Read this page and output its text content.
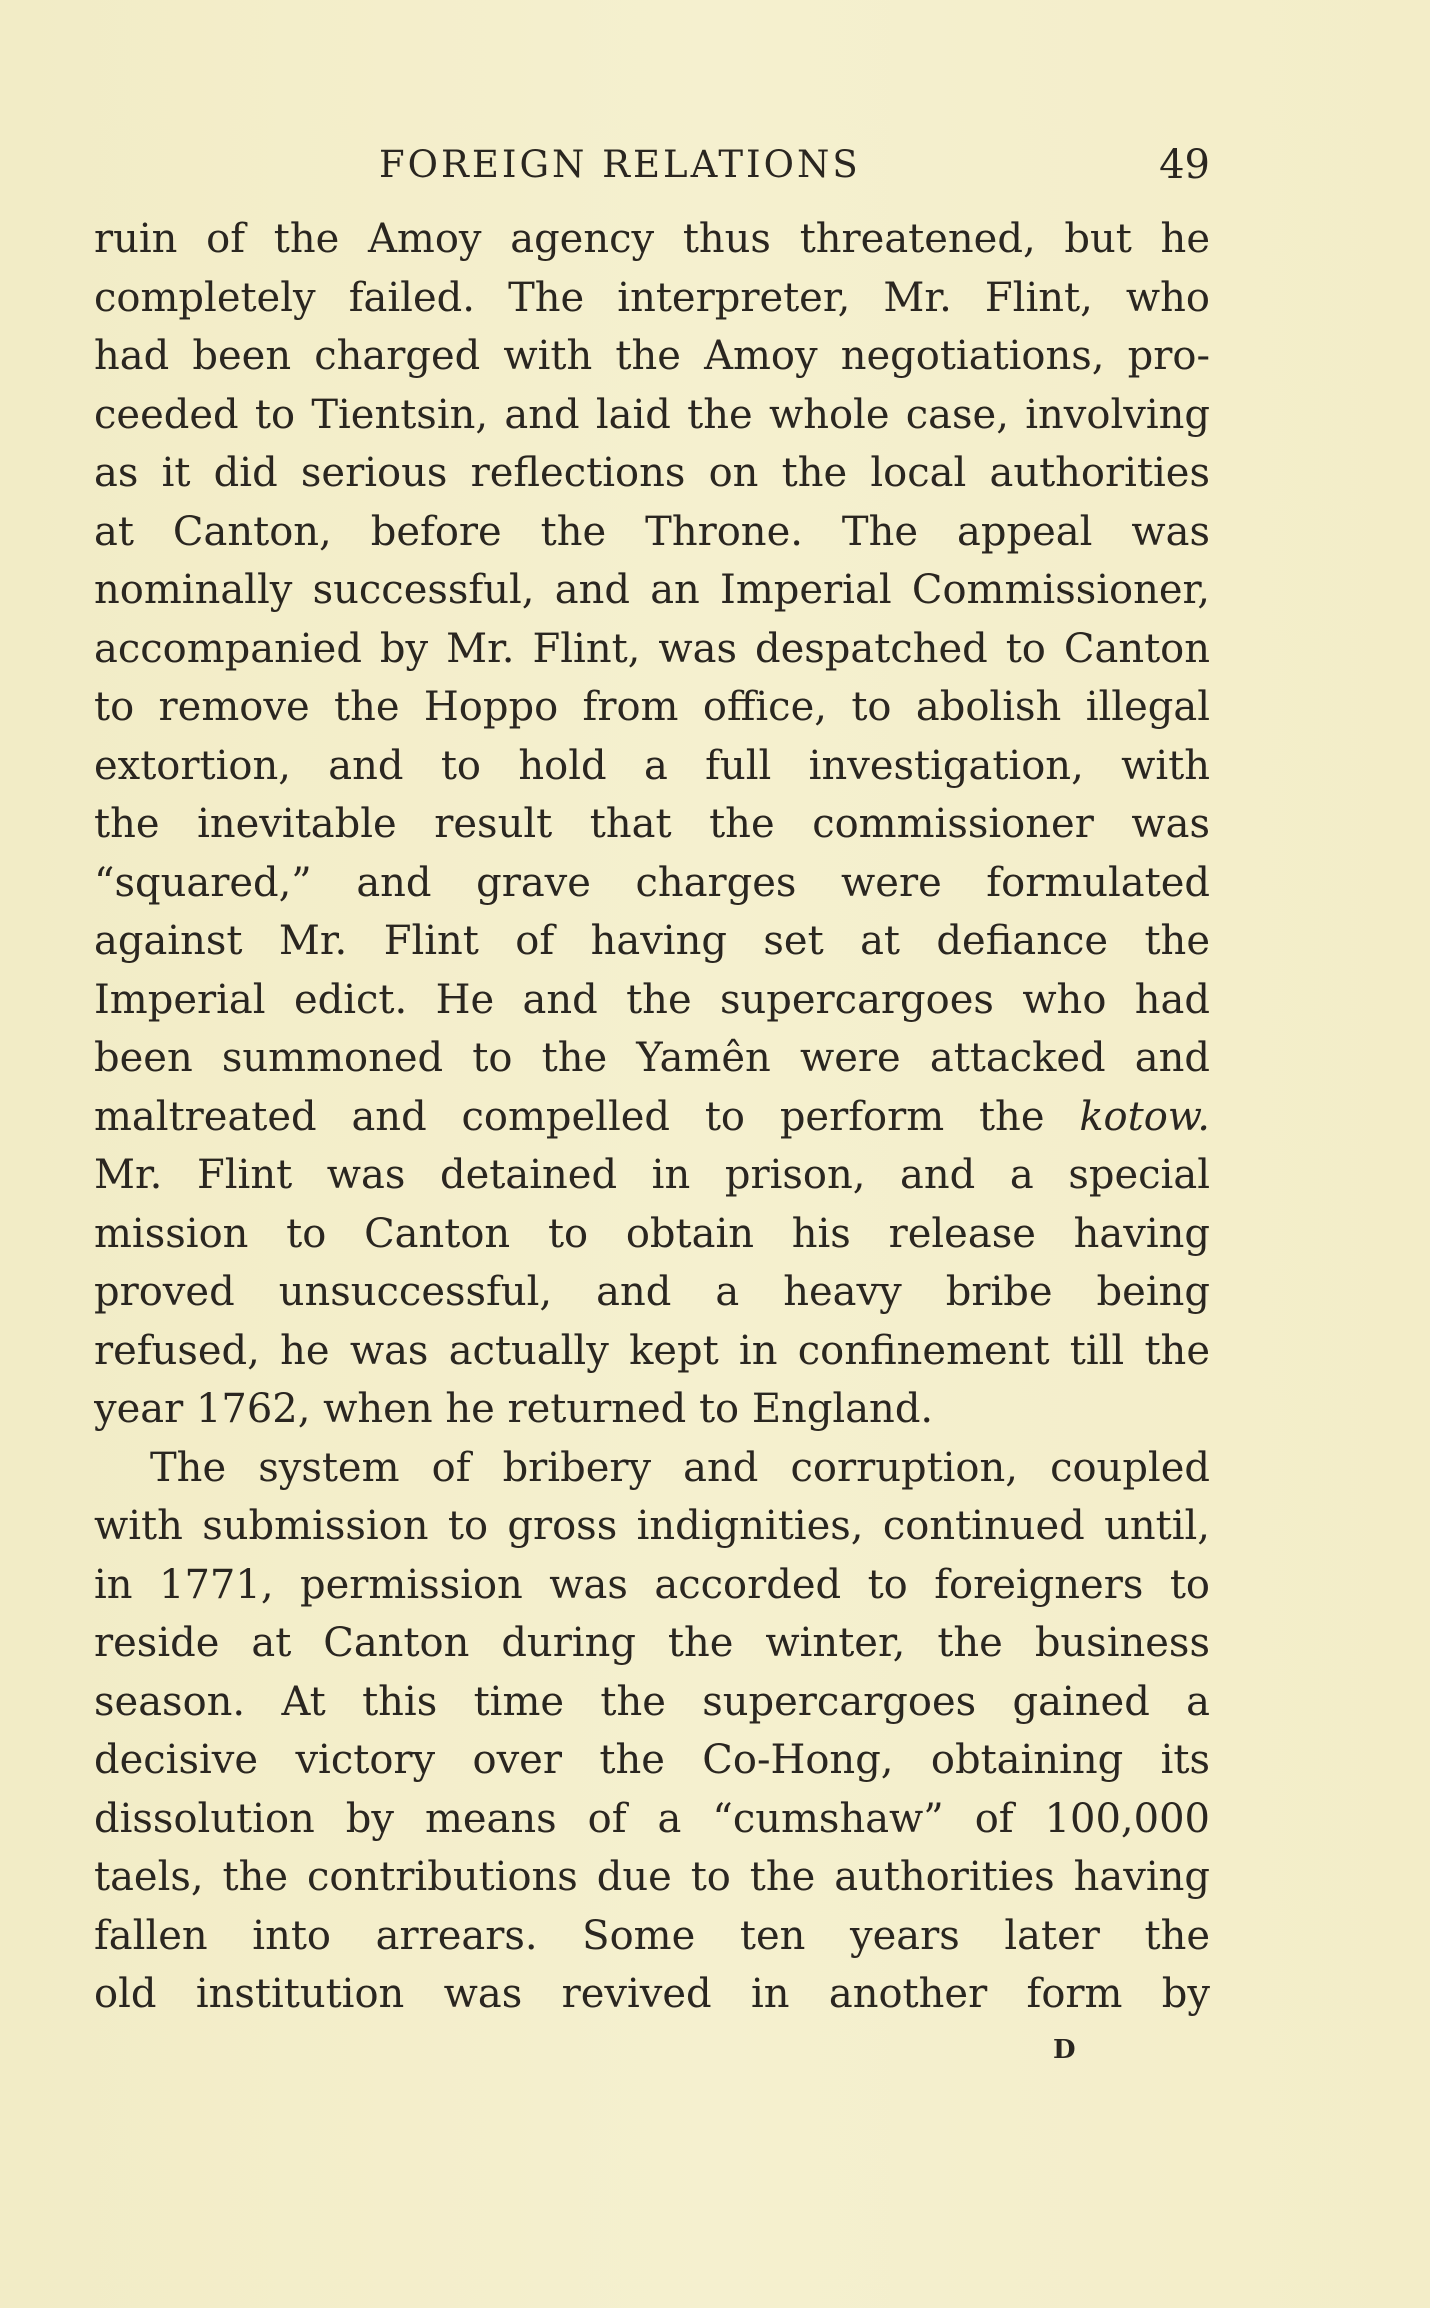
FOREIGN RELATIONS	49
ruin of the Amoy agency thus threatened, but he
completely failed. The interpreter, Mr. Flint, who
had been charged with the Amoy negotiations, pro-
ceeded to Tientsin, and laid the whole case, involving
as it did serious reflections on the local authorities
at Canton, before the Throne. The appeal was
nominally successful, and an Imperial Commissioner,
accompanied by Mr. Flint, was despatched to Canton
to remove the Hoppo from office, to abolish illegal
extortion, and to hold a full investigation, with
the inevitable result that the commissioner was
“squared,” and grave charges were formulated
against Mr. Flint of having set at defiance the
Imperial edict. He and the supercargoes who had
been summoned to the Yamên were attacked and
maltreated and compelled to perform the kotow.
Mr. Flint was detained in prison, and a special
mission to Canton to obtain his release having
proved unsuccessful, and a heavy bribe being
refused, he was actually kept in confinement till the
year 1762, when he returned to England.
The system of bribery and corruption, coupled
with submission to gross indignities, continued until,
in 1771, permission was accorded to foreigners to
reside at Canton during the winter, the business
season. At this time the supercargoes gained a
decisive victory over the Co-Hong, obtaining its
dissolution by means of a “cumshaw” of 100,000
taels, the contributions due to the authorities having
fallen into arrears. Some ten years later the
old institution was revived in another form by
D
